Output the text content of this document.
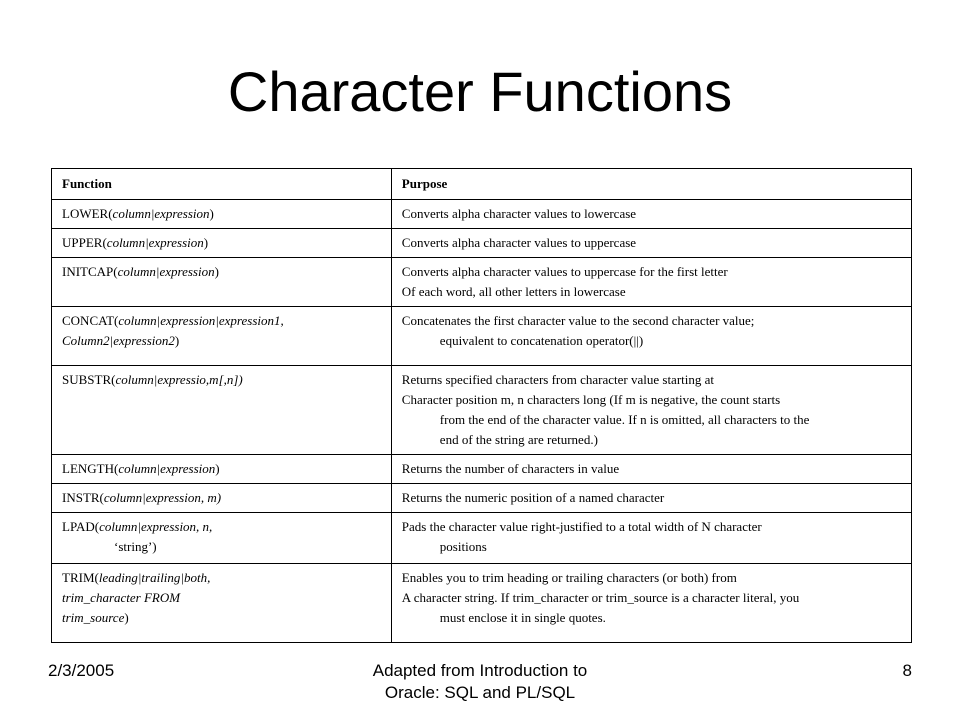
Character Functions
Function	Purpose
LOWER(column|expression)	Converts alpha character values to lowercase

UPPER(column|expression)	Converts alpha character values to uppercase

INITCAP(column|expression)	Converts alpha character values to uppercase for the first letter
Of each word, all other letters in lowercase

CONCAT(column|expression|expression1,
Column2|expression2)	Concatenates the first character value to the second character value;
equivalent to concatenation operator(||)

SUBSTR(column|expressio,m[,n])	Returns specified characters from character value starting at
Character position m, n characters long (If m is negative, the count starts
from the end of the character value. If n is omitted, all characters to the
end of the string are returned.)

LENGTH(column|expression)	Returns the number of characters in value

INSTR(column|expression, m)	Returns the numeric position of a named character

LPAD(column|expression, n,
‘string’)	Pads the character value right-justified to a total width of N character
positions

TRIM(leading|trailing|both,
trim_character FROM
trim_source)	Enables you to trim heading or trailing characters (or both) from
A character string. If trim_character or trim_source is a character literal, you
must enclose it in single quotes.
2/3/2005	Adapted from Introduction to
Oracle: SQL and PL/SQL
8
